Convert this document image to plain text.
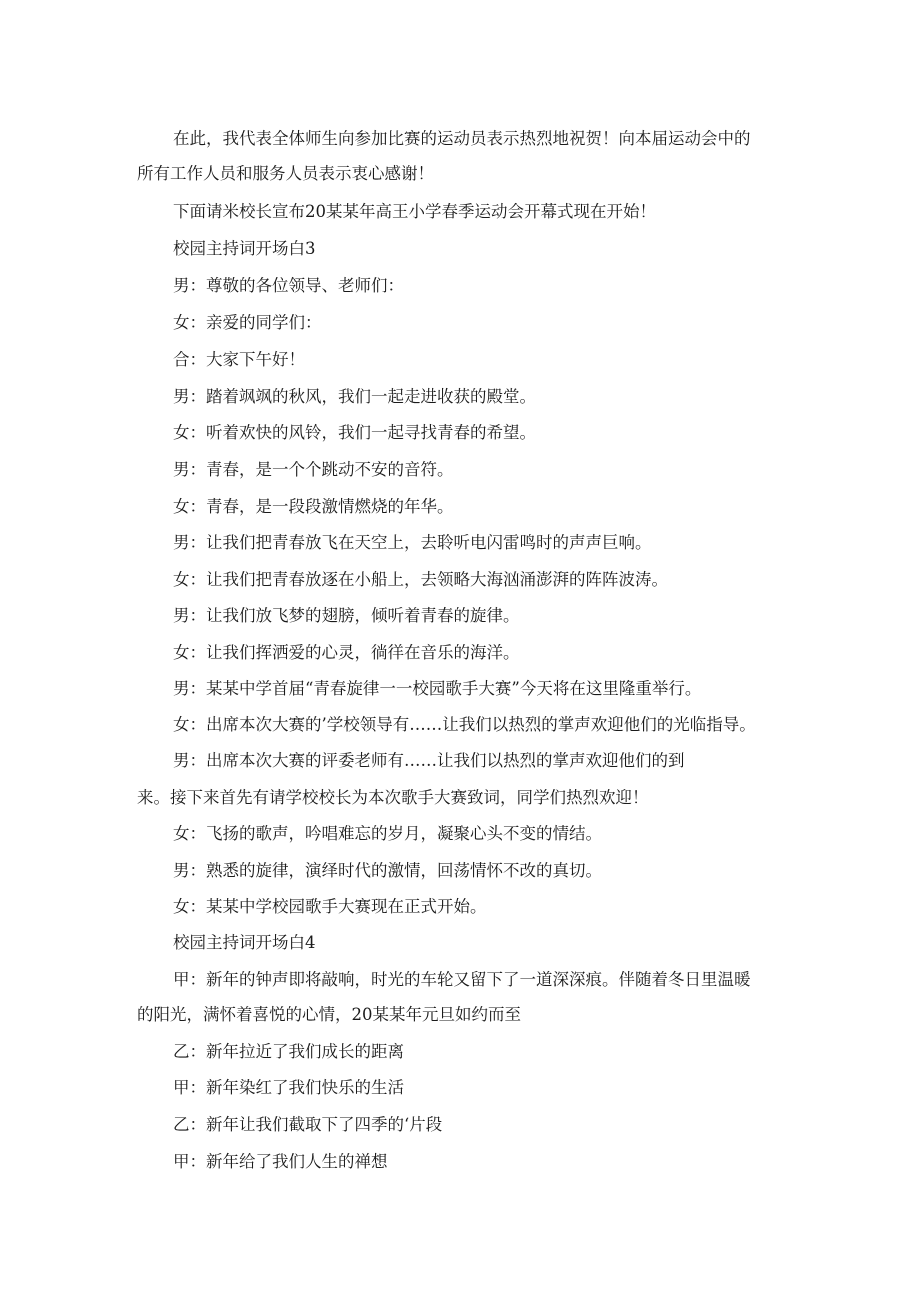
在此，我代表全体师生向参加比赛的运动员表示热烈地祝贺！向本届运动会中的
所有工作人员和服务人员表示衷心感谢！
下面请米校长宣布20某某年高王小学春季运动会开幕式现在开始！
校园主持词开场白3
男：尊敬的各位领导、老师们：
女：亲爱的同学们：
合：大家下午好！
男：踏着飒飒的秋风，我们一起走进收获的殿堂。
女：听着欢快的风铃，我们一起寻找青春的希望。
男：青春，是一个个跳动不安的音符。
女：青春，是一段段激情燃烧的年华。
男：让我们把青春放飞在天空上，去聆听电闪雷鸣时的声声巨响。
女：让我们把青春放逐在小船上，去领略大海汹涌澎湃的阵阵波涛。
男：让我们放飞梦的翅膀，倾听着青春的旋律。
女：让我们挥洒爱的心灵，徜徉在音乐的海洋。
男：某某中学首届“青春旋律一一校园歌手大赛”今天将在这里隆重举行。
女：出席本次大赛的’学校领导有……让我们以热烈的掌声欢迎他们的光临指导。
男：出席本次大赛的评委老师有……让我们以热烈的掌声欢迎他们的到
来。接下来首先有请学校校长为本次歌手大赛致词，同学们热烈欢迎！
女：飞扬的歌声，吟唱难忘的岁月，凝聚心头不变的情结。
男：熟悉的旋律，演绎时代的激情，回荡情怀不改的真切。
女：某某中学校园歌手大赛现在正式开始。
校园主持词开场白4
甲：新年的钟声即将敲响，时光的车轮又留下了一道深深痕。伴随着冬日里温暖
的阳光，满怀着喜悦的心情，20某某年元旦如约而至
乙：新年拉近了我们成长的距离
甲：新年染红了我们快乐的生活
乙：新年让我们截取下了四季的‘片段
甲：新年给了我们人生的禅想
